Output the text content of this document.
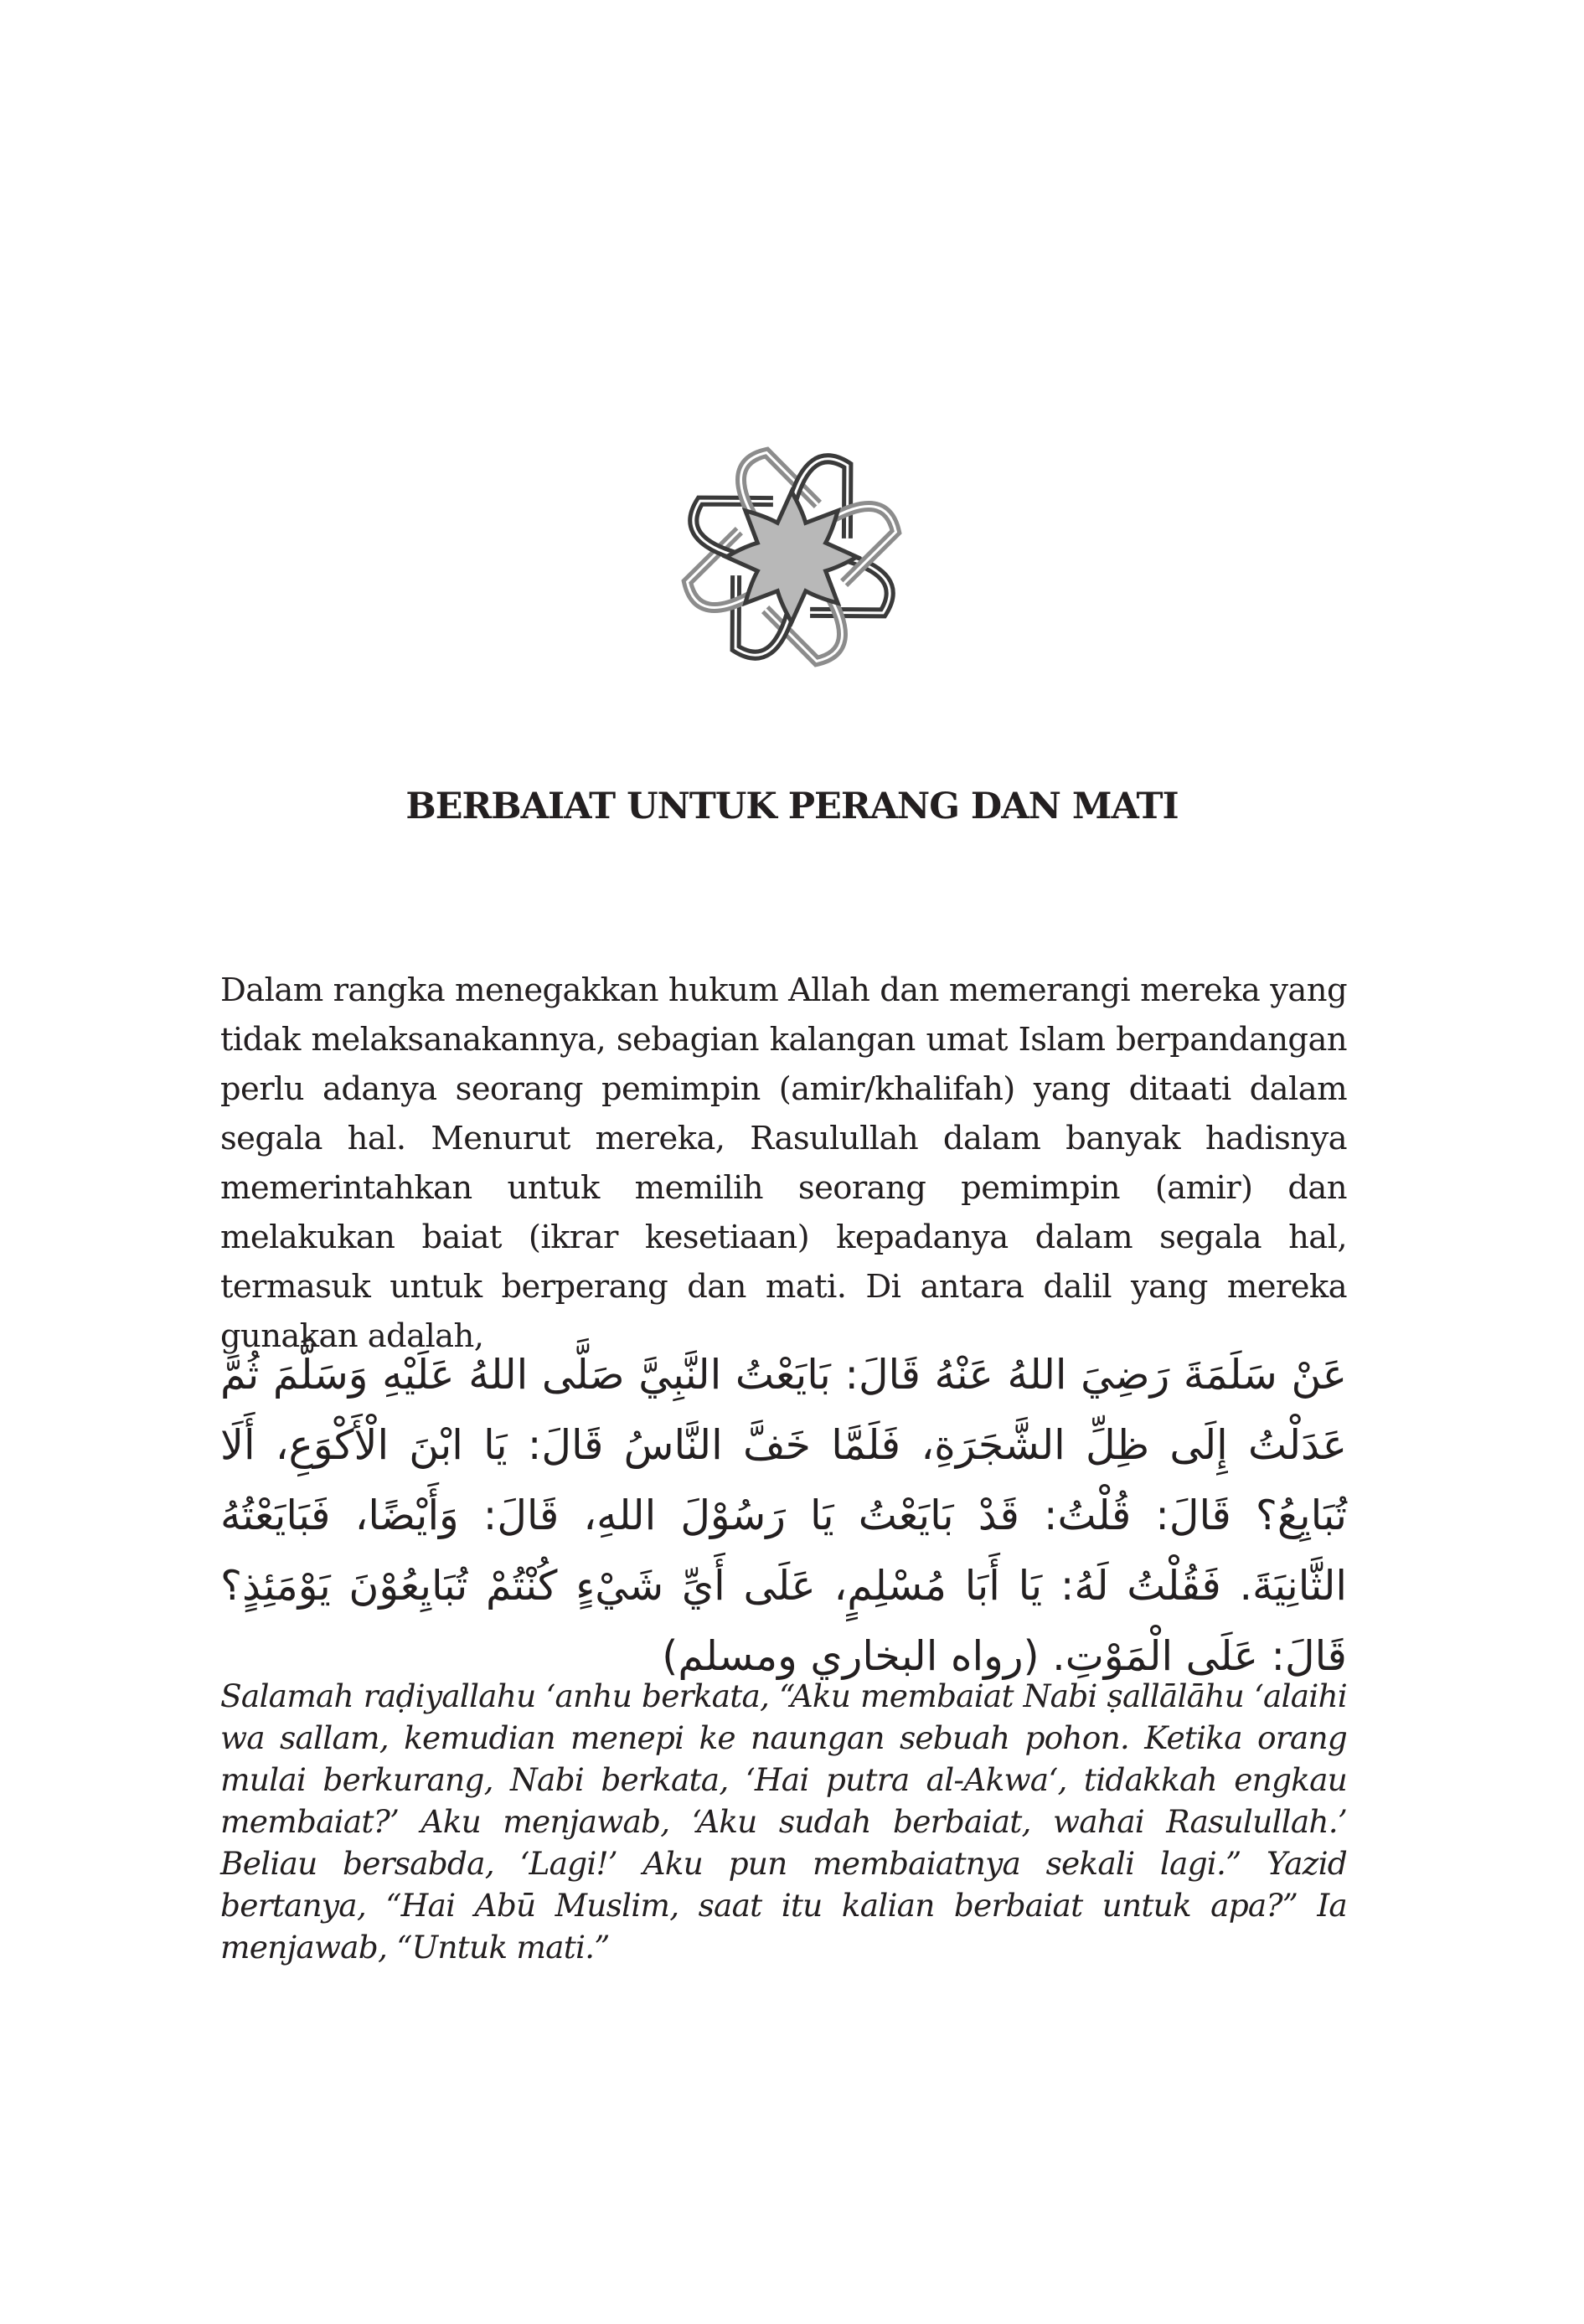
BERBAIAT UNTUK PERANG DAN MATI

Dalam rangka menegakkan hukum Allah dan memerangi mereka yang tidak melaksanakannya, sebagian kalangan umat Islam berpandangan perlu adanya seorang pemimpin (amir/khalifah) yang ditaati dalam segala hal. Menurut mereka, Rasulullah dalam banyak hadisnya memerintahkan untuk memilih seorang pemimpin (amir) dan melakukan baiat (ikrar kesetiaan) kepadanya dalam segala hal, termasuk untuk berperang dan mati. Di antara dalil yang mereka gunakan adalah,

عَنْ سَلَمَةَ رَضِيَ اللهُ عَنْهُ قَالَ: بَايَعْتُ النَّبِيَّ صَلَّى اللهُ عَلَيْهِ وَسَلَّمَ ثُمَّ عَدَلْتُ إِلَى ظِلِّ الشَّجَرَةِ، فَلَمَّا خَفَّ النَّاسُ قَالَ: يَا ابْنَ الْأَكْوَعِ، أَلَا تُبَايِعُ؟ قَالَ: قُلْتُ: قَدْ بَايَعْتُ يَا رَسُوْلَ اللهِ، قَالَ: وَأَيْضًا، فَبَايَعْتُهُ الثَّانِيَةَ. فَقُلْتُ لَهُ: يَا أَبَا مُسْلِمٍ، عَلَى أَيِّ شَيْءٍ كُنْتُمْ تُبَايِعُوْنَ يَوْمَئِذٍ؟ قَالَ: عَلَى الْمَوْتِ. (رواه البخاري ومسلم)

Salamah raḍiyallahu ‘anhu berkata, “Aku membaiat Nabi ṣallālāhu ‘alaihi wa sallam, kemudian menepi ke naungan sebuah pohon. Ketika orang mulai berkurang, Nabi berkata, ‘Hai putra al-Akwa‘, tidakkah engkau membaiat?’ Aku menjawab, ‘Aku sudah berbaiat, wahai Rasulullah.’ Beliau bersabda, ‘Lagi!’ Aku pun membaiatnya sekali lagi.” Yazid bertanya, “Hai Abū Muslim, saat itu kalian berbaiat untuk apa?” Ia menjawab, “Untuk mati.”
